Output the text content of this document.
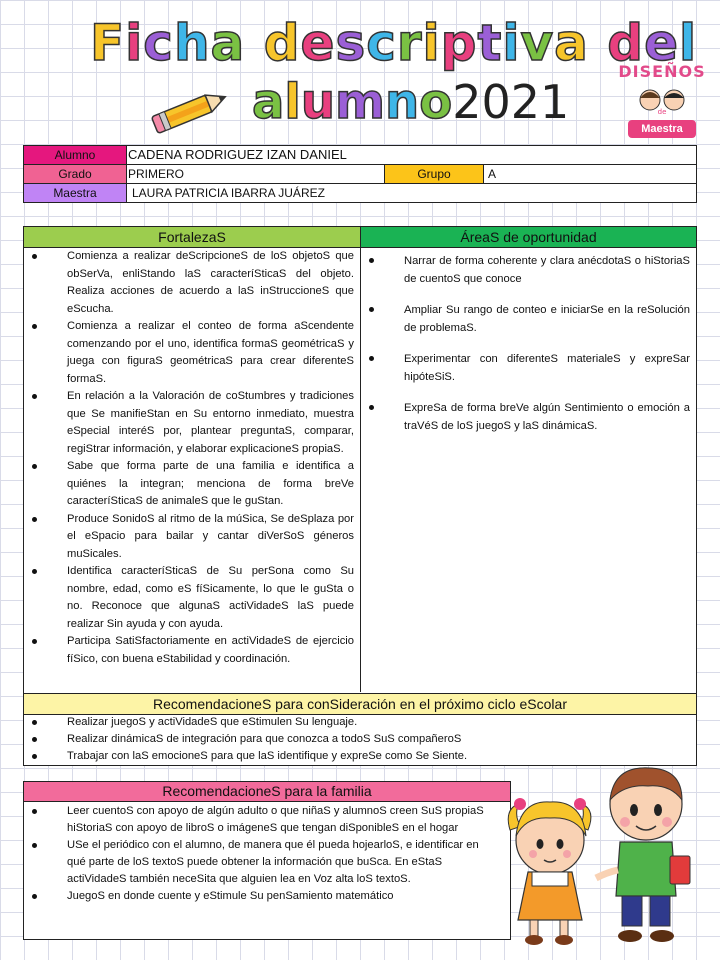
Ficha descriptiva del
alumno2021
DISEÑOS
de
Maestra
Alumno	CADENA RODRIGUEZ IZAN DANIEL
Grado	PRIMERO	Grupo	A
Maestra	LAURA PATRICIA IBARRA JUÁREZ
FortalezaS	ÁreaS de oportunidad
Comienza a realizar deScripcioneS de loS objetoS que obSerVa, enliStando laS caracteríSticaS del objeto. Realiza acciones de acuerdo a laS inStruccioneS que eScucha.
Comienza a realizar el conteo de forma aScendente comenzando por el uno, identifica formaS geométricaS y juega con figuraS geométricaS para crear diferenteS formaS.
En relación a la Valoración de coStumbres y tradiciones que Se manifieStan en Su entorno inmediato, muestra eSpecial interéS por, plantear preguntaS, comparar, regiStrar información, y elaborar explicacioneS propiaS.
Sabe que forma parte de una familia e identifica a quiénes la integran; menciona de forma breVe caracteríSticaS de animaleS que le guStan.
Produce SonidoS al ritmo de la múSica, Se deSplaza por el eSpacio para bailar y cantar diVerSoS géneros muSicales.
Identifica caracteríSticaS de Su perSona como Su nombre, edad, como eS fíSicamente, lo que le guSta o no. Reconoce que algunaS actiVidadeS laS puede realizar Sin ayuda y con ayuda.
Participa SatiSfactoriamente en actiVidadeS de ejercicio fíSico, con buena eStabilidad y coordinación.
Narrar de forma coherente y clara anécdotaS o hiStoriaS de cuentoS que conoce
Ampliar Su rango de conteo e iniciarSe en la reSolución de problemaS.
Experimentar con diferenteS materialeS y expreSar hipóteSiS.
ExpreSa de forma breVe algún Sentimiento o emoción a traVéS de loS juegoS y laS dinámicaS.
RecomendacioneS para conSideración en el próximo ciclo eScolar
Realizar juegoS y actiVidadeS que eStimulen Su lenguaje.
Realizar dinámicaS de integración para que conozca a todoS SuS compañeroS
Trabajar con laS emocioneS para que laS identifique y expreSe como Se Siente.
RecomendacioneS para la familia
Leer cuentoS con apoyo de algún adulto o que niñaS y alumnoS creen SuS propiaS hiStoriaS con apoyo de libroS o imágeneS que tengan diSponibleS en el hogar
USe el periódico con el alumno, de manera que él pueda hojearloS, e identificar en qué parte de loS textoS puede obtener la información que buSca. En eStaS actiVidadeS también neceSita que alguien lea en Voz alta loS textoS.
JuegoS en donde cuente y eStimule Su penSamiento matemático
